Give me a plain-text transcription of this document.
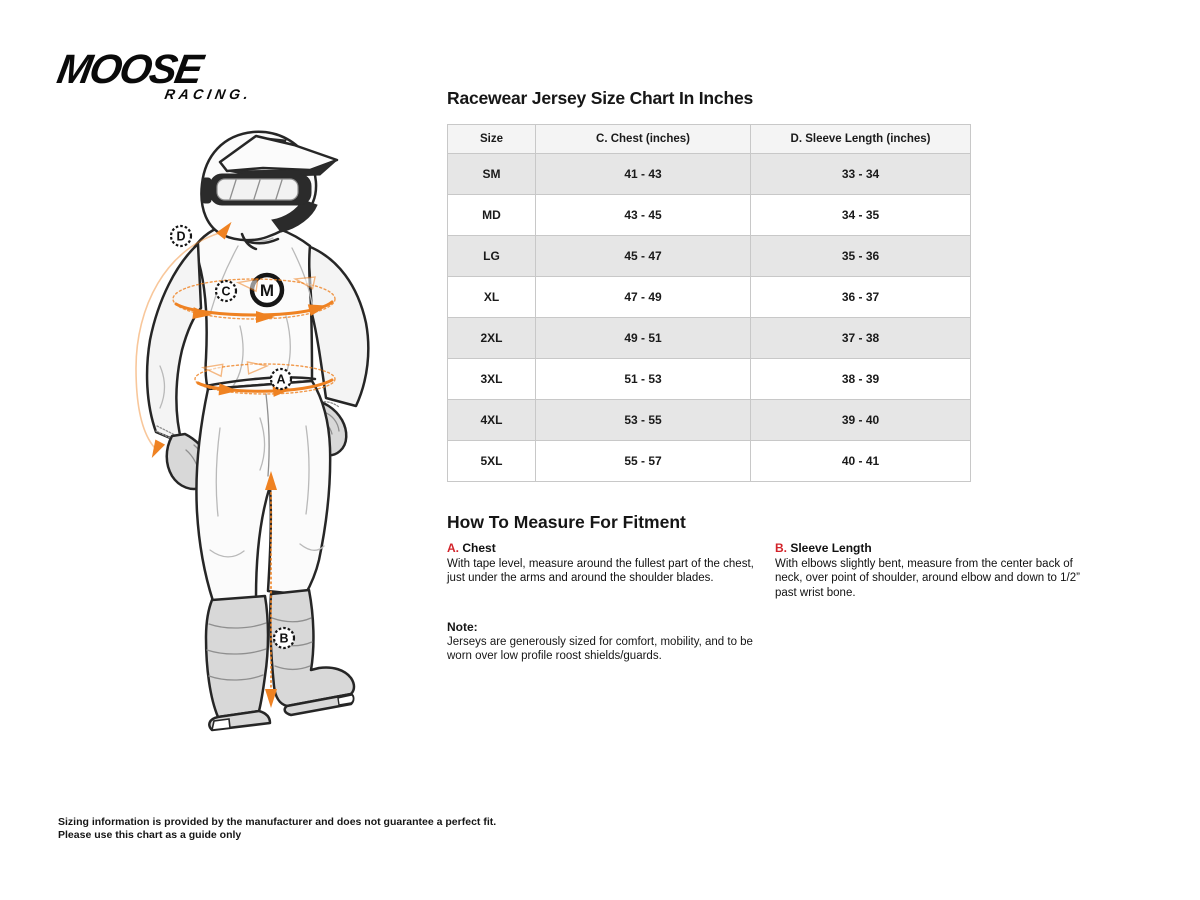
MOOSE
RACING.
M
D
C
A
B
Racewear Jersey Size Chart In Inches
Size	C. Chest (inches)	D. Sleeve Length (inches)
SM	41 - 43	33 - 34
MD	43 - 45	34 - 35
LG	45 - 47	35 - 36
XL	47 - 49	36 - 37
2XL	49 - 51	37 - 38
3XL	51 - 53	38 - 39
4XL	53 - 55	39 - 40
5XL	55 - 57	40 - 41
How To Measure For Fitment
A. Chest
With tape level, measure around the fullest part of the chest, just under the arms and around the shoulder blades.
B. Sleeve Length
With elbows slightly bent, measure from the center back of neck, over point of shoulder, around elbow and down to 1/2” past wrist bone.
Note:
Jerseys are generously sized for comfort, mobility, and to be worn over low profile roost shields/guards.
Sizing information is provided by the manufacturer and does not guarantee a perfect fit.
Please use this chart as a guide only
